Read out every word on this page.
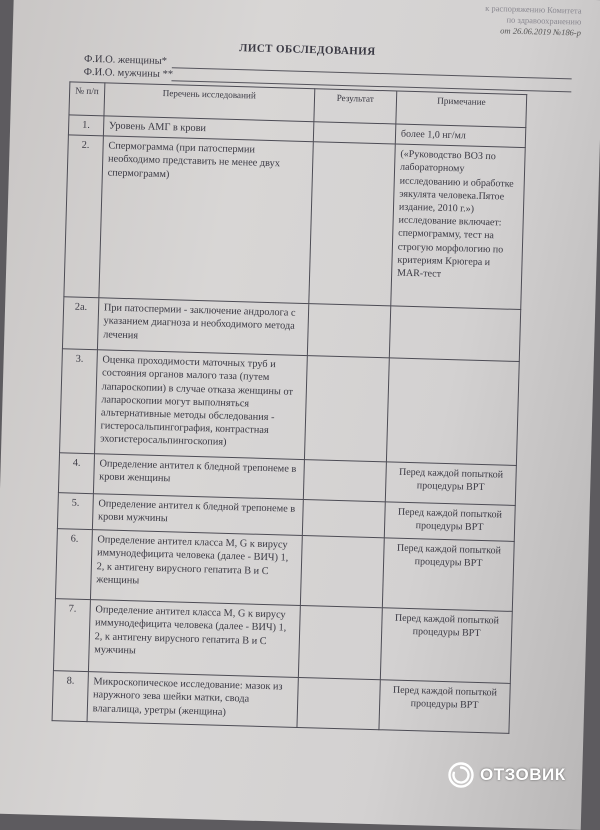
к распоряжению Комитета
по здравоохранению
от 26.06.2019 №186-р
ЛИСТ ОБСЛЕДОВАНИЯ
Ф.И.О. женщины*
Ф.И.О. мужчины **
№ п/п	Перечень исследований	Результат	Примечание
1.	Уровень АМГ в крови		более 1,0 нг/мл
2.	Спермограмма (при патоспермии необходимо представить не менее двух спермограмм)		(«Руководство ВОЗ по лабораторному исследованию и обработке эякулята человека.Пятое издание, 2010 г.») исследование включает: спермограмму, тест на строгую морфологию по критериям Крюгера и MAR-тест
2а.	При патоспермии - заключение андролога с указанием диагноза и необходимого метода лечения		
3.	Оценка проходимости маточных труб и состояния органов малого таза (путем лапароскопии) в случае отказа женщины от лапароскопии могут выполняться альтернативные методы обследования - гистеросальпингография, контрастная эхогистеросальпингоскопия)		
4.	Определение антител к бледной трепонеме в крови женщины		Перед каждой попыткой процедуры ВРТ
5.	Определение антител к бледной трепонеме в крови мужчины		Перед каждой попыткой процедуры ВРТ
6.	Определение антител класса M, G к вирусу иммунодефицита человека (далее - ВИЧ) 1, 2, к антигену вирусного гепатита В и С женщины		Перед каждой попыткой процедуры ВРТ
7.	Определение антител класса M, G к вирусу иммунодефицита человека (далее - ВИЧ) 1, 2, к антигену вирусного гепатита В и С мужчины		Перед каждой попыткой процедуры ВРТ
8.	Микроскопическое исследование: мазок из наружного зева шейки матки, свода влагалища, уретры (женщина)		Перед каждой попыткой процедуры ВРТ
ОТЗОВИК
